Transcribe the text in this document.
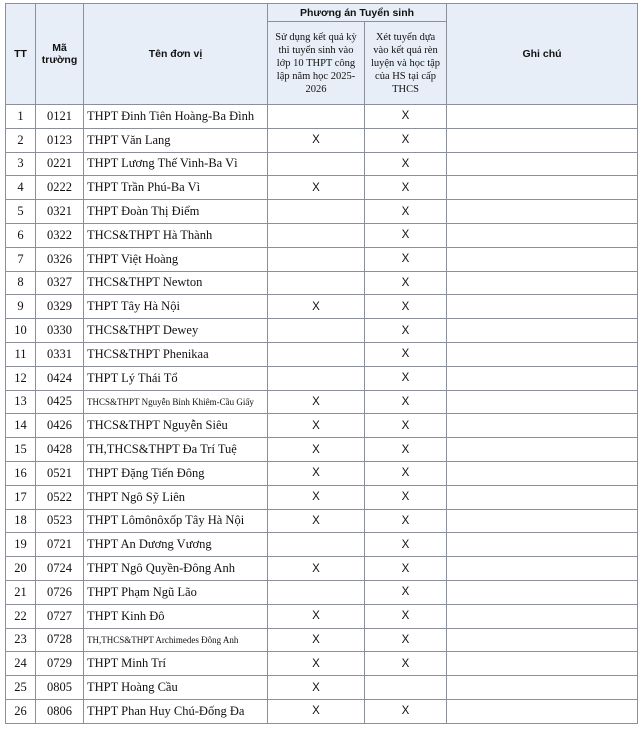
TT	Mã trường	Tên đơn vị	Phương án Tuyển sinh		Ghi chú
			Sử dụng kết quả kỳ thi tuyển sinh vào lớp 10 THPT công lập năm học 2025-2026	Xét tuyển dựa vào kết quả rèn luyện và học tập của HS tại cấp THCS	
1	0121	THPT Đinh Tiên Hoàng-Ba Đình		X	
2	0123	THPT Văn Lang	X	X	
3	0221	THPT Lương Thế Vinh-Ba Vì		X	
4	0222	THPT Trần Phú-Ba Vì	X	X	
5	0321	THPT Đoàn Thị Điểm		X	
6	0322	THCS&THPT Hà Thành		X	
7	0326	THPT Việt Hoàng		X	
8	0327	THCS&THPT Newton		X	
9	0329	THPT Tây Hà Nội	X	X	
10	0330	THCS&THPT Dewey		X	
11	0331	THCS&THPT Phenikaa		X	
12	0424	THPT Lý Thái Tổ		X	
13	0425	THCS&THPT Nguyễn Bỉnh Khiêm-Cầu Giấy	X	X	
14	0426	THCS&THPT Nguyễn Siêu	X	X	
15	0428	TH,THCS&THPT Đa Trí Tuệ	X	X	
16	0521	THPT Đặng Tiến Đông	X	X	
17	0522	THPT Ngô Sỹ Liên	X	X	
18	0523	THPT Lômônôxốp Tây Hà Nội	X	X	
19	0721	THPT An Dương Vương		X	
20	0724	THPT Ngô Quyền-Đông Anh	X	X	
21	0726	THPT Phạm Ngũ Lão		X	
22	0727	THPT Kinh Đô	X	X	
23	0728	TH,THCS&THPT Archimedes Đông Anh	X	X	
24	0729	THPT Minh Trí	X	X	
25	0805	THPT Hoàng Cầu	X		
26	0806	THPT Phan Huy Chú-Đống Đa	X	X	
